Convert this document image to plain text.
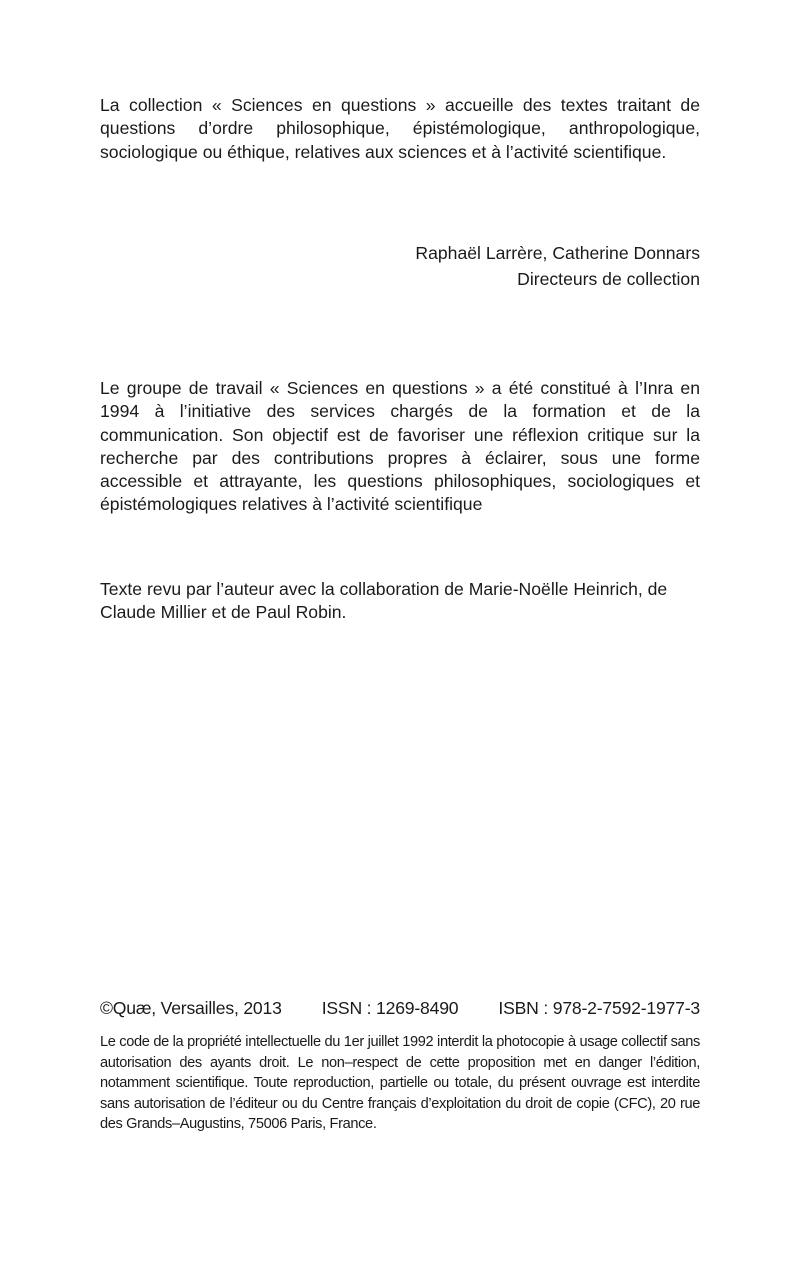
La collection « Sciences en questions » accueille des textes traitant de questions d’ordre philosophique, épistémologique, anthropologique, sociologique ou éthique, relatives aux sciences et à l’activité scientifique.

Raphaël Larrère, Catherine Donnars
Directeurs de collection

Le groupe de travail « Sciences en questions » a été constitué à l’Inra en 1994 à l’initiative des services chargés de la formation et de la communication. Son objectif est de favoriser une réflexion critique sur la recherche par des contributions propres à éclairer, sous une forme accessible et attrayante, les questions philosophiques, sociologiques et épistémologiques relatives à l’activité scientifique

Texte revu par l’auteur avec la collaboration de Marie-Noëlle Heinrich, de Claude Millier et de Paul Robin.

©Quæ, Versailles, 2013 ISSN : 1269-8490 ISBN : 978-2-7592-1977-3

Le code de la propriété intellectuelle du 1er juillet 1992 interdit la photocopie à usage collectif sans autorisation des ayants droit. Le non–respect de cette proposition met en danger l’édition, notamment scientifique. Toute reproduction, partielle ou totale, du présent ouvrage est interdite sans autorisation de l’éditeur ou du Centre français d’exploitation du droit de copie (CFC), 20 rue des Grands–Augustins, 75006 Paris, France.
